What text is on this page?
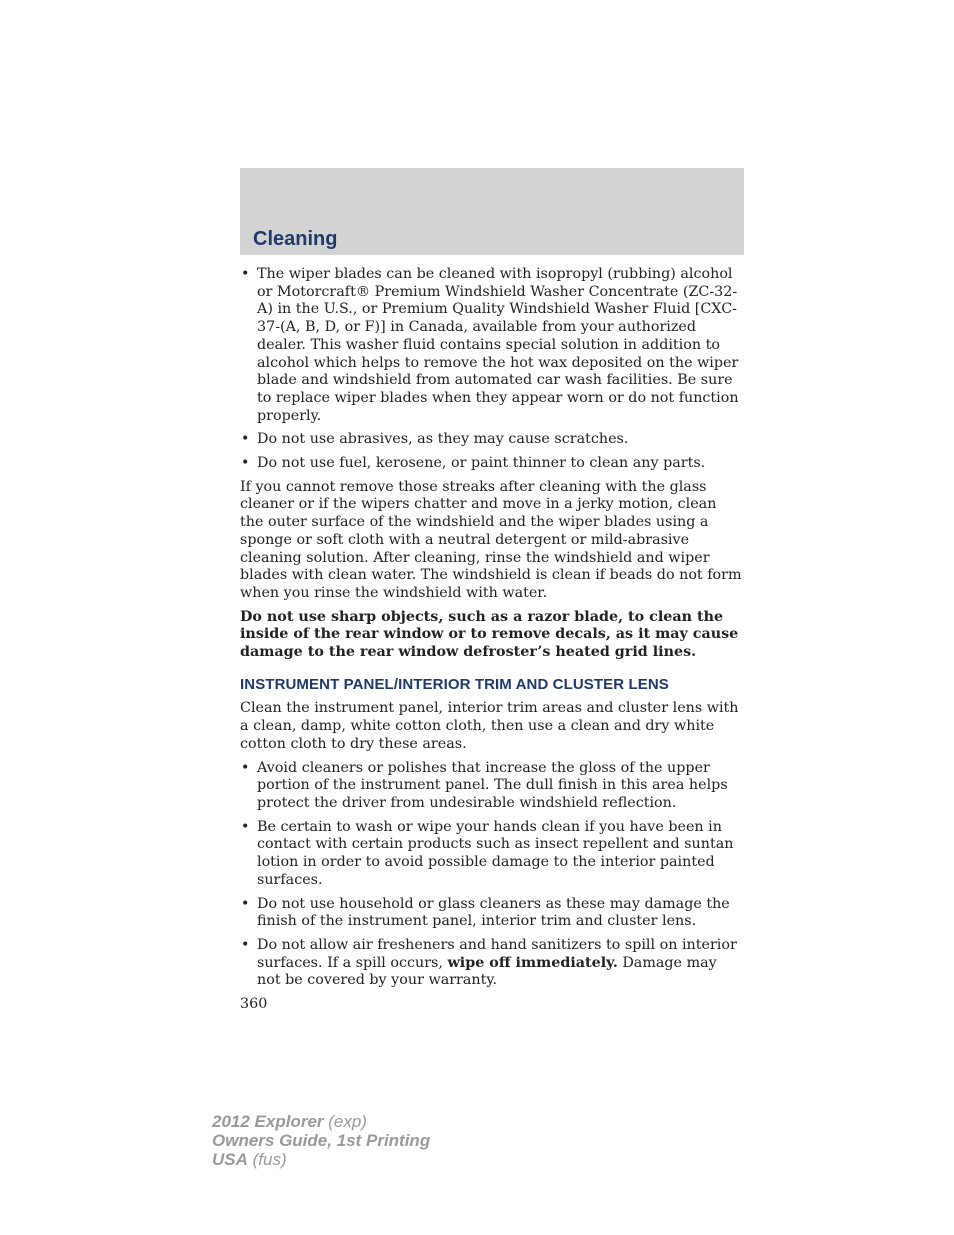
Cleaning
• The wiper blades can be cleaned with isopropyl (rubbing) alcohol or Motorcraft® Premium Windshield Washer Concentrate (ZC-32-A) in the U.S., or Premium Quality Windshield Washer Fluid [CXC-37-(A, B, D, or F)] in Canada, available from your authorized dealer. This washer fluid contains special solution in addition to alcohol which helps to remove the hot wax deposited on the wiper blade and windshield from automated car wash facilities. Be sure to replace wiper blades when they appear worn or do not function properly.
• Do not use abrasives, as they may cause scratches.
• Do not use fuel, kerosene, or paint thinner to clean any parts.

If you cannot remove those streaks after cleaning with the glass cleaner or if the wipers chatter and move in a jerky motion, clean the outer surface of the windshield and the wiper blades using a sponge or soft cloth with a neutral detergent or mild-abrasive cleaning solution. After cleaning, rinse the windshield and wiper blades with clean water. The windshield is clean if beads do not form when you rinse the windshield with water.

Do not use sharp objects, such as a razor blade, to clean the inside of the rear window or to remove decals, as it may cause damage to the rear window defroster’s heated grid lines.

INSTRUMENT PANEL/INTERIOR TRIM AND CLUSTER LENS

Clean the instrument panel, interior trim areas and cluster lens with a clean, damp, white cotton cloth, then use a clean and dry white cotton cloth to dry these areas.

• Avoid cleaners or polishes that increase the gloss of the upper portion of the instrument panel. The dull finish in this area helps protect the driver from undesirable windshield reflection.
• Be certain to wash or wipe your hands clean if you have been in contact with certain products such as insect repellent and suntan lotion in order to avoid possible damage to the interior painted surfaces.
• Do not use household or glass cleaners as these may damage the finish of the instrument panel, interior trim and cluster lens.
• Do not allow air fresheners and hand sanitizers to spill on interior surfaces. If a spill occurs, wipe off immediately. Damage may not be covered by your warranty.
360
2012 Explorer (exp)
Owners Guide, 1st Printing
USA (fus)
